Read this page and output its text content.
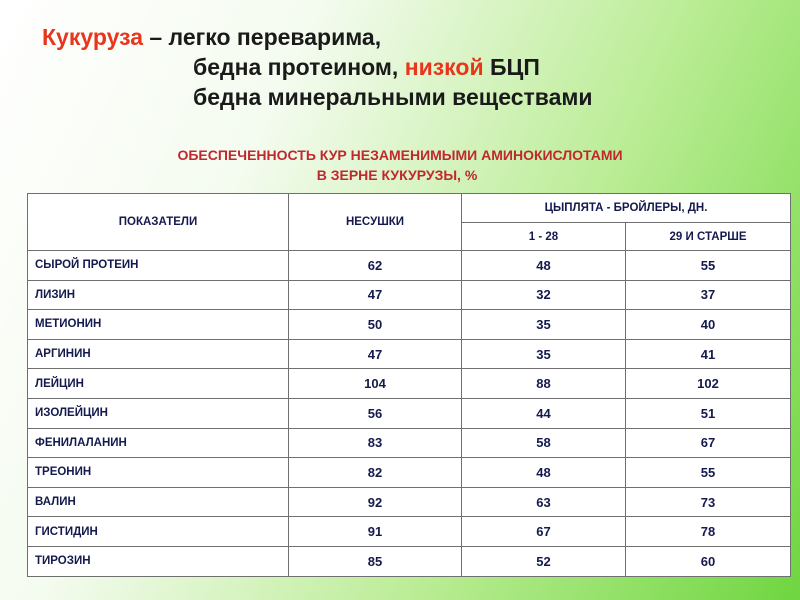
Кукуруза – легко переварима,
бедна протеином, низкой БЦП
бедна минеральными веществами
ОБЕСПЕЧЕННОСТЬ КУР НЕЗАМЕНИМЫМИ АМИНОКИСЛОТАМИ
В ЗЕРНЕ КУКУРУЗЫ, %
ПОКАЗАТЕЛИ	НЕСУШКИ	ЦЫПЛЯТА - БРОЙЛЕРЫ, ДН.	
		1 - 28	29 И СТАРШЕ
СЫРОЙ ПРОТЕИН	62	48	55
ЛИЗИН	47	32	37
МЕТИОНИН	50	35	40
АРГИНИН	47	35	41
ЛЕЙЦИН	104	88	102
ИЗОЛЕЙЦИН	56	44	51
ФЕНИЛАЛАНИН	83	58	67
ТРЕОНИН	82	48	55
ВАЛИН	92	63	73
ГИСТИДИН	91	67	78
ТИРОЗИН	85	52	60
